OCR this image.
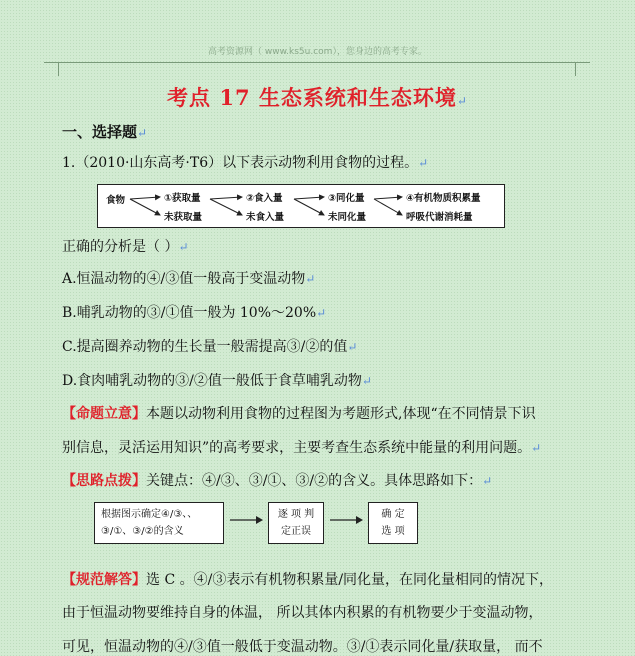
高考资源网（ www.ks5u.com），您身边的高考专家。
考点 17 生态系统和生态环境↵
一、选择题↵
1.（2010·山东高考·T6）以下表示动物利用食物的过程。↵
食物	①获取量
未获取量
②食入量
未食入量
③同化量
未同化量
④有机物质积累量
呼吸代谢消耗量
正确的分析是（ ）↵
A.恒温动物的④/③值一般高于变温动物↵
B.哺乳动物的③/①值一般为 10%～20%↵
C.提高圈养动物的生长量一般需提高③/②的值↵
D.食肉哺乳动物的③/②值一般低于食草哺乳动物↵
【命题立意】本题以动物利用食物的过程图为考题形式,体现“在不同情景下识
别信息，灵活运用知识”的高考要求，主要考查生态系统中能量的利用问题。↵
【思路点拨】关键点：④/③、③/①、③/②的含义。具体思路如下：↵
根据图示确定④/③、、
③/①、③/②的含义
逐 项 判
定正误
确 定
选 项
【规范解答】选 C 。④/③表示有机物积累量/同化量，在同化量相同的情况下，
由于恒温动物要维持自身的体温， 所以其体内积累的有机物要少于变温动物，
可见，恒温动物的④/③值一般低于变温动物。③/①表示同化量/获取量， 而不
